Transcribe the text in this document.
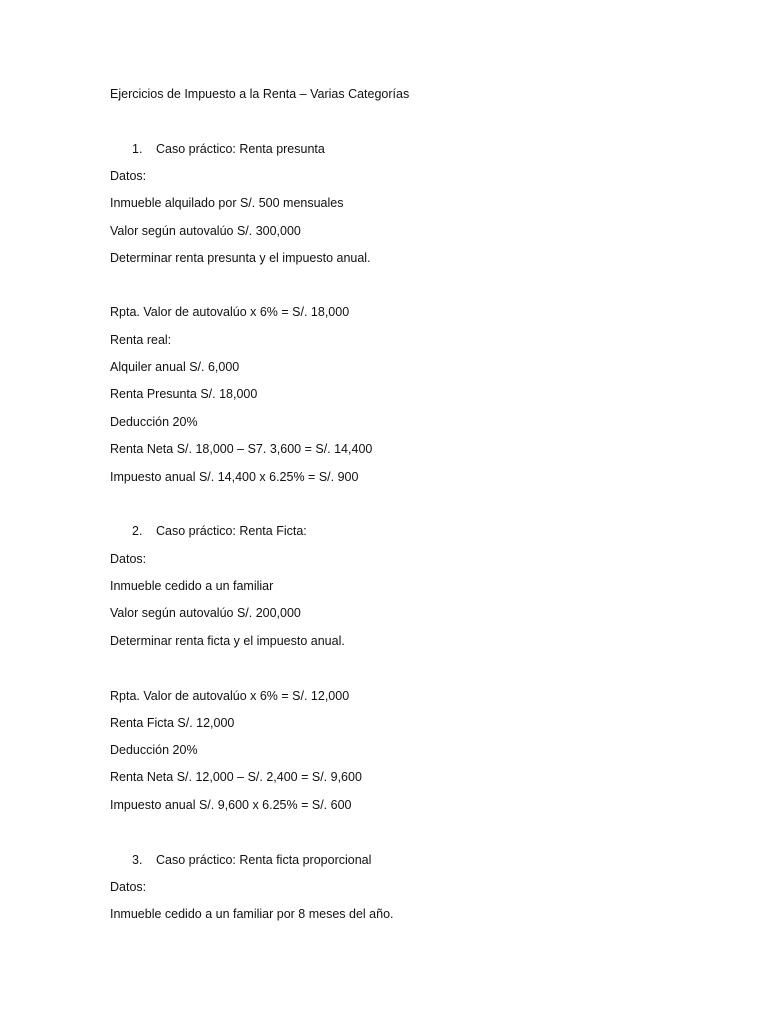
Ejercicios de Impuesto a la Renta – Varias Categorías
1. Caso práctico: Renta presunta
Datos:
Inmueble alquilado por S/. 500 mensuales
Valor según autovalúo S/. 300,000
Determinar renta presunta y el impuesto anual.
Rpta. Valor de autovalúo x 6% = S/. 18,000
Renta real:
Alquiler anual S/. 6,000
Renta Presunta S/. 18,000
Deducción 20%
Renta Neta S/. 18,000 – S7. 3,600 = S/. 14,400
Impuesto anual S/. 14,400 x 6.25% = S/. 900
2. Caso práctico: Renta Ficta:
Datos:
Inmueble cedido a un familiar
Valor según autovalúo S/. 200,000
Determinar renta ficta y el impuesto anual.
Rpta. Valor de autovalúo x 6% = S/. 12,000
Renta Ficta S/. 12,000
Deducción 20%
Renta Neta S/. 12,000 – S/. 2,400 = S/. 9,600
Impuesto anual S/. 9,600 x 6.25% = S/. 600
3. Caso práctico: Renta ficta proporcional
Datos:
Inmueble cedido a un familiar por 8 meses del año.
